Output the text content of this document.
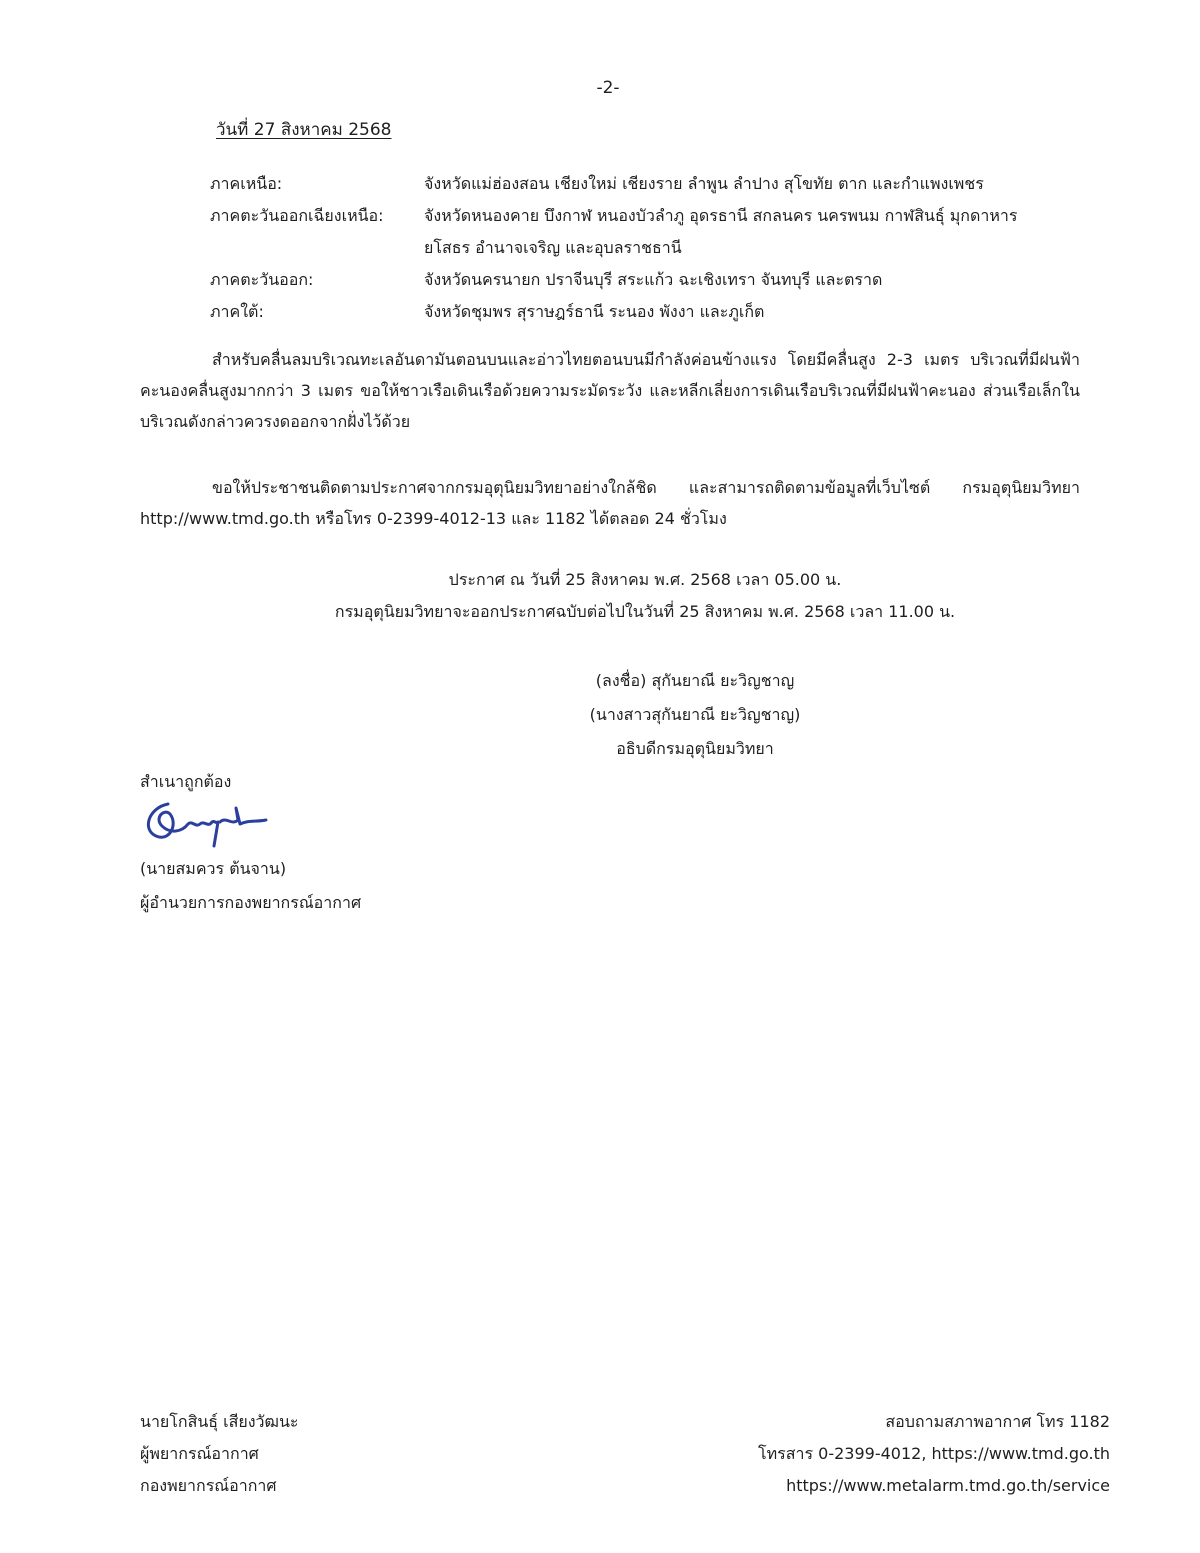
-2-
วันที่ 27 สิงหาคม 2568
ภาคเหนือ:	จังหวัดแม่ฮ่องสอน เชียงใหม่ เชียงราย ลำพูน ลำปาง สุโขทัย ตาก และกำแพงเพชร
ภาคตะวันออกเฉียงเหนือ:	จังหวัดหนองคาย บึงกาฬ หนองบัวลำภู อุดรธานี สกลนคร นครพนม กาฬสินธุ์ มุกดาหาร
ยโสธร อำนาจเจริญ และอุบลราชธานี
ภาคตะวันออก:	จังหวัดนครนายก ปราจีนบุรี สระแก้ว ฉะเชิงเทรา จันทบุรี และตราด
ภาคใต้:	จังหวัดชุมพร สุราษฎร์ธานี ระนอง พังงา และภูเก็ต

สำหรับคลื่นลมบริเวณทะเลอันดามันตอนบนและอ่าวไทยตอนบนมีกำลังค่อนข้างแรง โดยมีคลื่นสูง 2-3 เมตร บริเวณที่มีฝนฟ้าคะนองคลื่นสูงมากกว่า 3 เมตร ขอให้ชาวเรือเดินเรือด้วยความระมัดระวัง และหลีกเลี่ยงการเดินเรือบริเวณที่มีฝนฟ้าคะนอง ส่วนเรือเล็กในบริเวณดังกล่าวควรงดออกจากฝั่งไว้ด้วย

ขอให้ประชาชนติดตามประกาศจากกรมอุตุนิยมวิทยาอย่างใกล้ชิด และสามารถติดตามข้อมูลที่เว็บไซต์ กรมอุตุนิยมวิทยา http://www.tmd.go.th หรือโทร 0-2399-4012-13 และ 1182 ได้ตลอด 24 ชั่วโมง

ประกาศ ณ วันที่ 25 สิงหาคม พ.ศ. 2568 เวลา 05.00 น.
กรมอุตุนิยมวิทยาจะออกประกาศฉบับต่อไปในวันที่ 25 สิงหาคม พ.ศ. 2568 เวลา 11.00 น.
(ลงชื่อ) สุกันยาณี ยะวิญชาญ
(นางสาวสุกันยาณี ยะวิญชาญ)
อธิบดีกรมอุตุนิยมวิทยา
สำเนาถูกต้อง
(นายสมควร ต้นจาน)
ผู้อำนวยการกองพยากรณ์อากาศ
นายโกสินธุ์ เสียงวัฒนะ
ผู้พยากรณ์อากาศ
กองพยากรณ์อากาศ
สอบถามสภาพอากาศ โทร 1182
โทรสาร 0-2399-4012, https://www.tmd.go.th
https://www.metalarm.tmd.go.th/service
